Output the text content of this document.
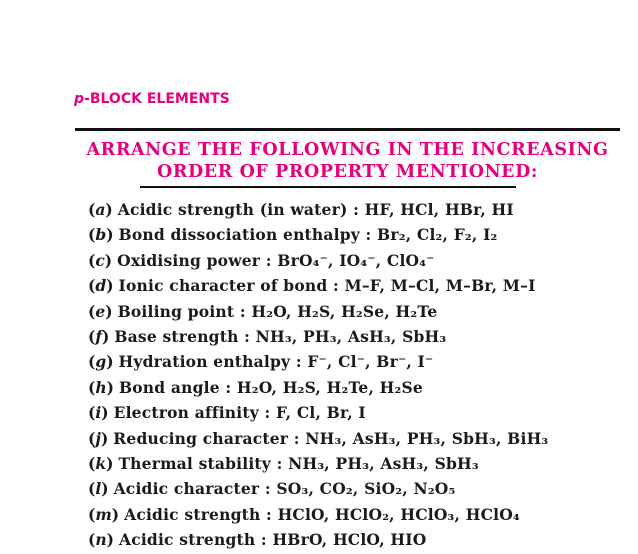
p-BLOCK ELEMENTS
ARRANGE THE FOLLOWING IN THE INCREASING
ORDER OF PROPERTY MENTIONED:
(a) Acidic strength (in water) : HF, HCl, HBr, HI
(b) Bond dissociation enthalpy : Br₂, Cl₂, F₂, I₂
(c) Oxidising power : BrO₄⁻, IO₄⁻, ClO₄⁻
(d) Ionic character of bond : M–F, M–Cl, M–Br, M–I
(e) Boiling point : H₂O, H₂S, H₂Se, H₂Te
(f) Base strength : NH₃, PH₃, AsH₃, SbH₃
(g) Hydration enthalpy : F⁻, Cl⁻, Br⁻, I⁻
(h) Bond angle : H₂O, H₂S, H₂Te, H₂Se
(i) Electron affinity : F, Cl, Br, I
(j) Reducing character : NH₃, AsH₃, PH₃, SbH₃, BiH₃
(k) Thermal stability : NH₃, PH₃, AsH₃, SbH₃
(l) Acidic character : SO₃, CO₂, SiO₂, N₂O₅
(m) Acidic strength : HClO, HClO₂, HClO₃, HClO₄
(n) Acidic strength : HBrO, HClO, HIO
